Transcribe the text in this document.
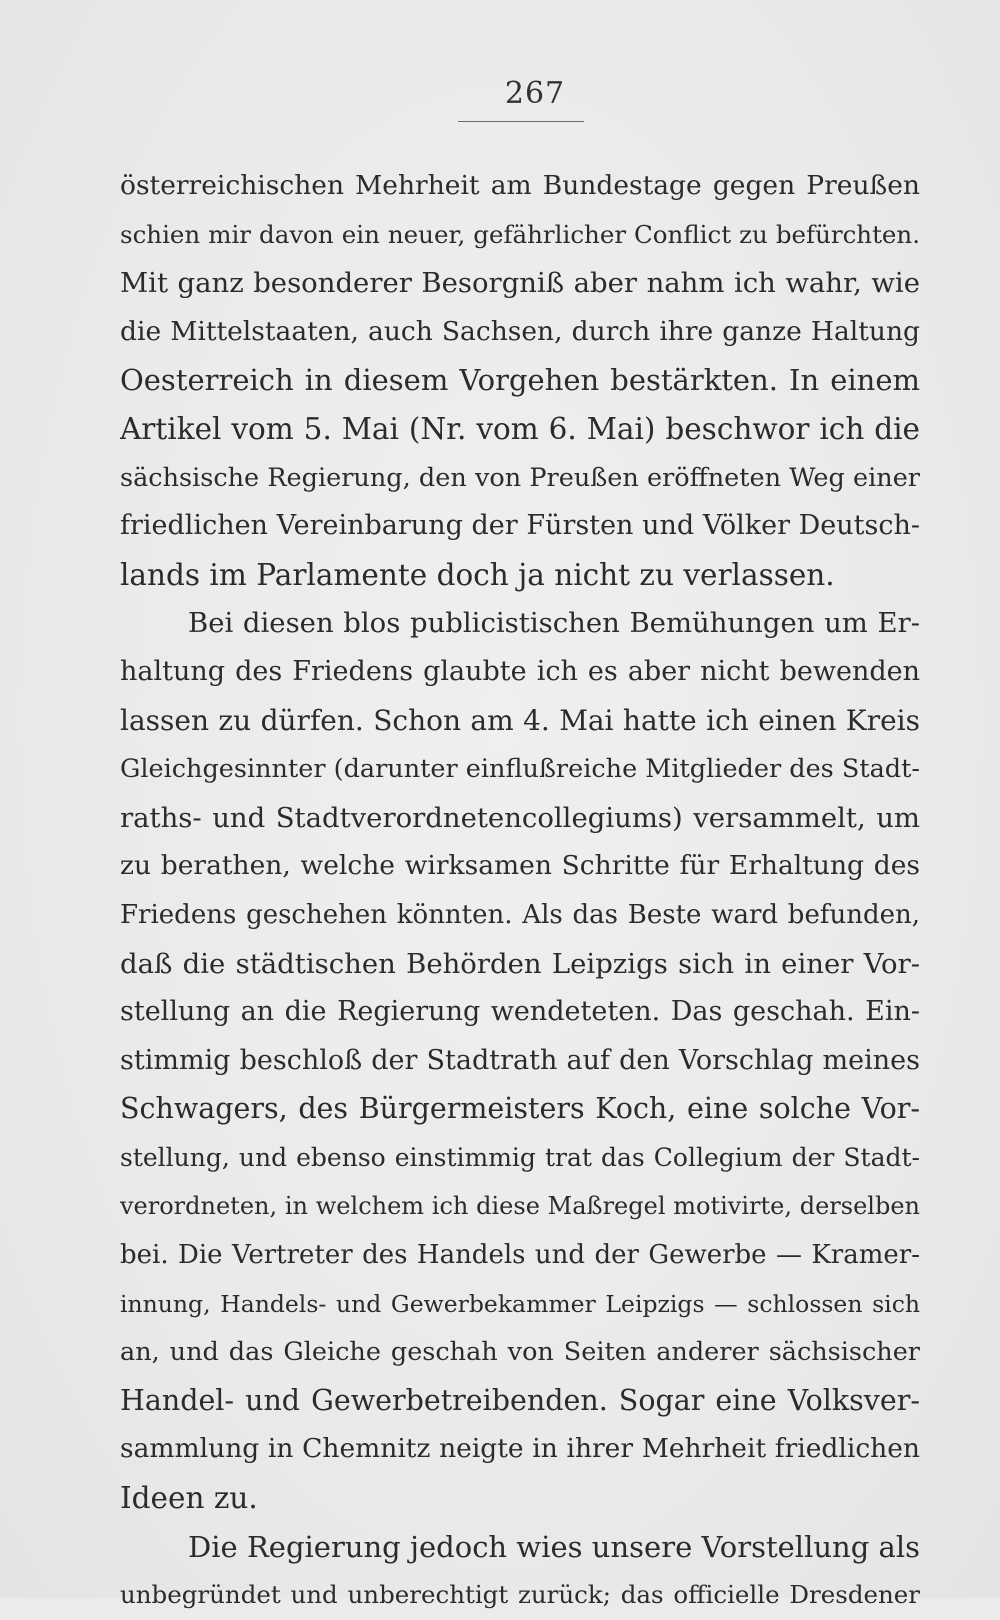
267
österreichischen Mehrheit am Bundestage gegen Preußen
schien mir davon ein neuer, gefährlicher Conflict zu befürchten.
Mit ganz besonderer Besorgniß aber nahm ich wahr, wie
die Mittelstaaten, auch Sachsen, durch ihre ganze Haltung
Oesterreich in diesem Vorgehen bestärkten. In einem
Artikel vom 5. Mai (Nr. vom 6. Mai) beschwor ich die
sächsische Regierung, den von Preußen eröffneten Weg einer
friedlichen Vereinbarung der Fürsten und Völker Deutsch-
lands im Parlamente doch ja nicht zu verlassen.
Bei diesen blos publicistischen Bemühungen um Er-
haltung des Friedens glaubte ich es aber nicht bewenden
lassen zu dürfen. Schon am 4. Mai hatte ich einen Kreis
Gleichgesinnter (darunter einflußreiche Mitglieder des Stadt-
raths- und Stadtverordnetencollegiums) versammelt, um
zu berathen, welche wirksamen Schritte für Erhaltung des
Friedens geschehen könnten. Als das Beste ward befunden,
daß die städtischen Behörden Leipzigs sich in einer Vor-
stellung an die Regierung wendeteten. Das geschah. Ein-
stimmig beschloß der Stadtrath auf den Vorschlag meines
Schwagers, des Bürgermeisters Koch, eine solche Vor-
stellung, und ebenso einstimmig trat das Collegium der Stadt-
verordneten, in welchem ich diese Maßregel motivirte, derselben
bei. Die Vertreter des Handels und der Gewerbe — Kramer-
innung, Handels- und Gewerbekammer Leipzigs — schlossen sich
an, und das Gleiche geschah von Seiten anderer sächsischer
Handel- und Gewerbetreibenden. Sogar eine Volksver-
sammlung in Chemnitz neigte in ihrer Mehrheit friedlichen
Ideen zu.
Die Regierung jedoch wies unsere Vorstellung als
unbegründet und unberechtigt zurück; das officielle Dresdener
